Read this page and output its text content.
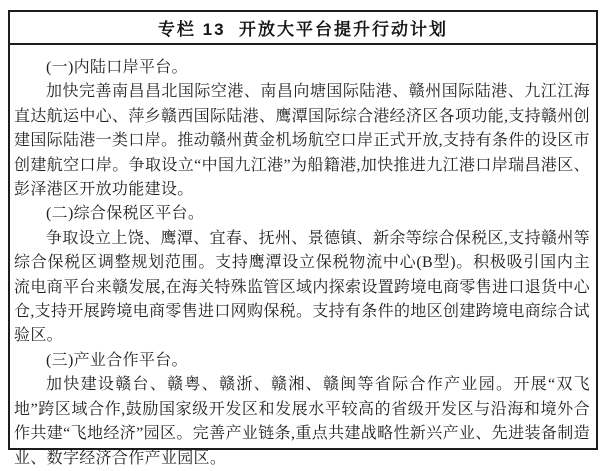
专栏 13  开放大平台提升行动计划

(一)内陆口岸平台。

加快完善南昌昌北国际空港、南昌向塘国际陆港、赣州国际陆港、九江江海直达航运中心、萍乡赣西国际陆港、鹰潭国际综合港经济区各项功能,支持赣州创建国际陆港一类口岸。推动赣州黄金机场航空口岸正式开放,支持有条件的设区市创建航空口岸。争取设立“中国九江港”为船籍港,加快推进九江港口岸瑞昌港区、彭泽港区开放功能建设。

(二)综合保税区平台。

争取设立上饶、鹰潭、宜春、抚州、景德镇、新余等综合保税区,支持赣州等综合保税区调整规划范围。支持鹰潭设立保税物流中心(B型)。积极吸引国内主流电商平台来赣发展,在海关特殊监管区域内探索设置跨境电商零售进口退货中心仓,支持开展跨境电商零售进口网购保税。支持有条件的地区创建跨境电商综合试验区。

(三)产业合作平台。

加快建设赣台、赣粤、赣浙、赣湘、赣闽等省际合作产业园。开展“双飞地”跨区域合作,鼓励国家级开发区和发展水平较高的省级开发区与沿海和境外合作共建“飞地经济”园区。完善产业链条,重点共建战略性新兴产业、先进装备制造业、数字经济合作产业园区。
